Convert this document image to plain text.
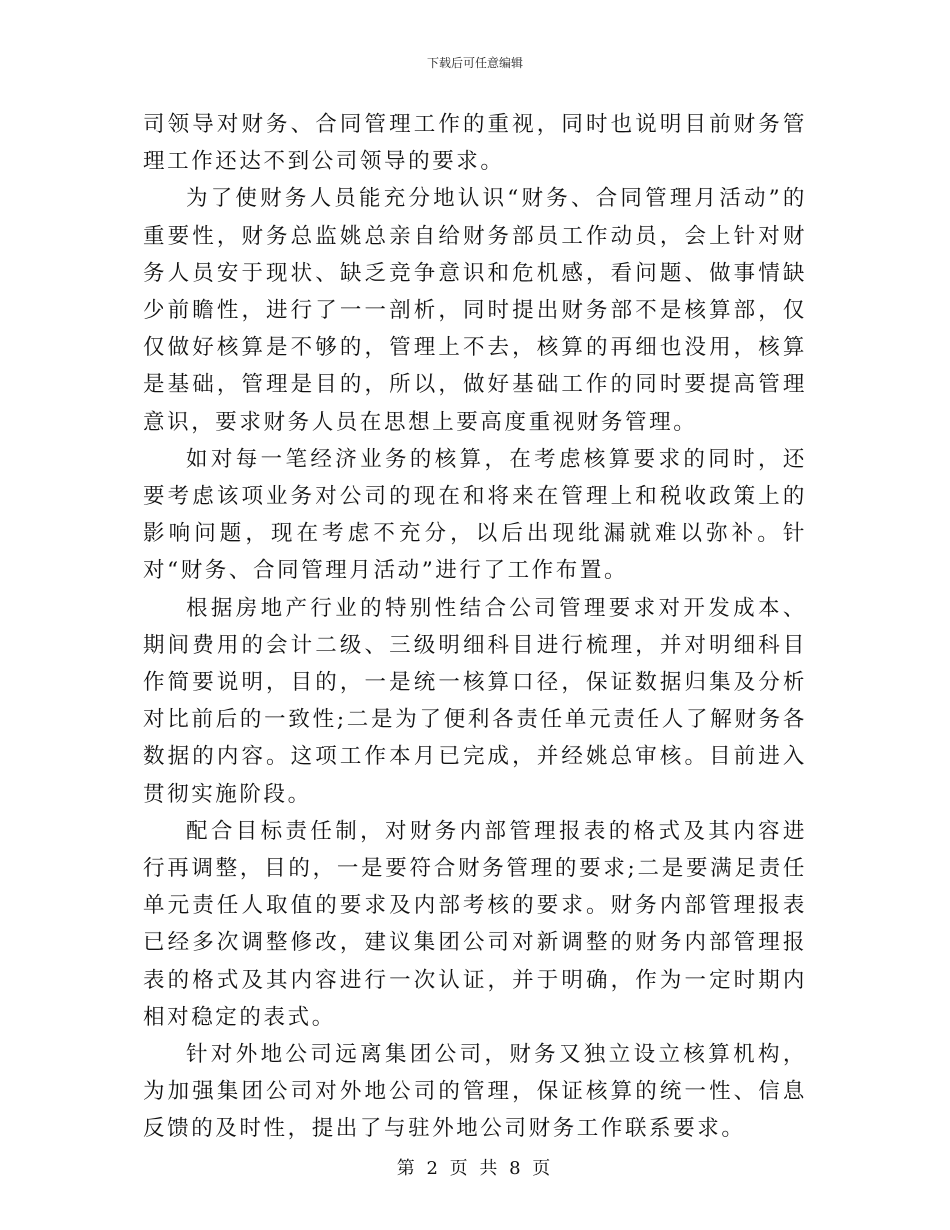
下载后可任意编辑

司领导对财务、合同管理工作的重视，同时也说明目前财务管理工作还达不到公司领导的要求。

为了使财务人员能充分地认识“财务、合同管理月活动”的重要性，财务总监姚总亲自给财务部员工作动员，会上针对财务人员安于现状、缺乏竞争意识和危机感，看问题、做事情缺少前瞻性，进行了一一剖析，同时提出财务部不是核算部，仅仅做好核算是不够的，管理上不去，核算的再细也没用，核算是基础，管理是目的，所以，做好基础工作的同时要提高管理意识，要求财务人员在思想上要高度重视财务管理。

如对每一笔经济业务的核算，在考虑核算要求的同时，还要考虑该项业务对公司的现在和将来在管理上和税收政策上的影响问题，现在考虑不充分，以后出现纰漏就难以弥补。针对“财务、合同管理月活动”进行了工作布置。

根据房地产行业的特别性结合公司管理要求对开发成本、期间费用的会计二级、三级明细科目进行梳理，并对明细科目作简要说明，目的，一是统一核算口径，保证数据归集及分析对比前后的一致性;二是为了便利各责任单元责任人了解财务各数据的内容。这项工作本月已完成，并经姚总审核。目前进入贯彻实施阶段。

配合目标责任制，对财务内部管理报表的格式及其内容进行再调整，目的，一是要符合财务管理的要求;二是要满足责任单元责任人取值的要求及内部考核的要求。财务内部管理报表已经多次调整修改，建议集团公司对新调整的财务内部管理报表的格式及其内容进行一次认证，并于明确，作为一定时期内相对稳定的表式。

针对外地公司远离集团公司，财务又独立设立核算机构，为加强集团公司对外地公司的管理，保证核算的统一性、信息反馈的及时性，提出了与驻外地公司财务工作联系要求。

第 2 页 共 8 页
